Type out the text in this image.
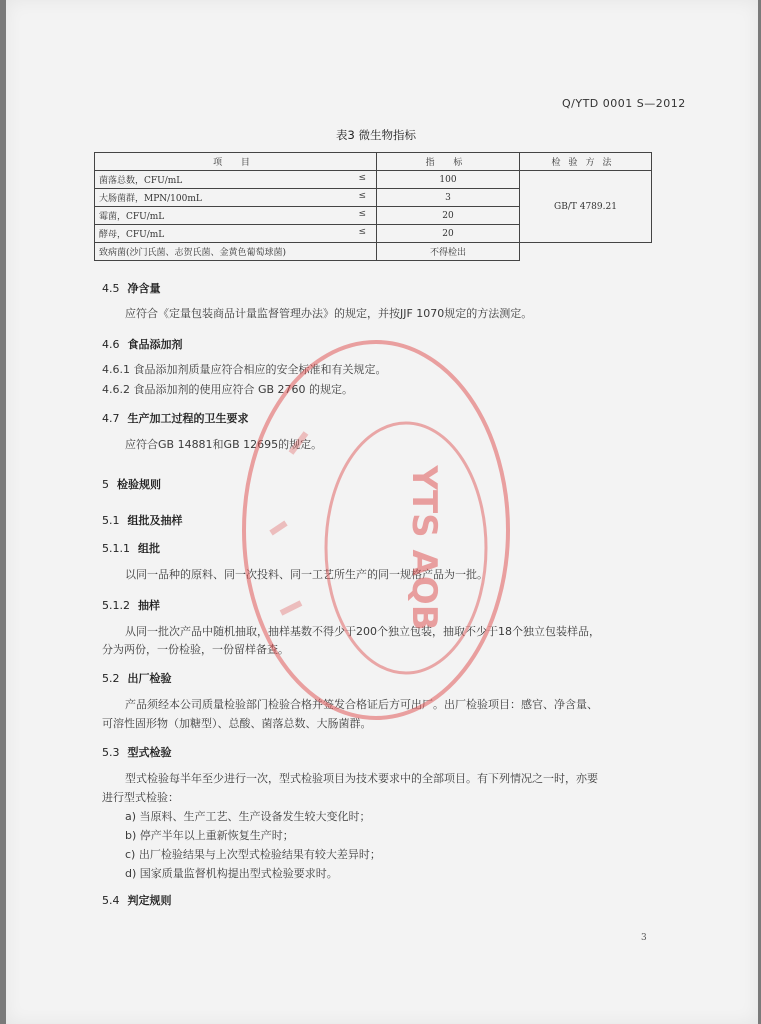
Q/YTD 0001 S—2012
表3 微生物指标
项 目	指 标	检验方法
菌落总数，CFU/mL ≤	100	GB/T 4789.21
大肠菌群，MPN/100mL ≤	3	
霉菌，CFU/mL ≤	20	
酵母，CFU/mL ≤	20	
致病菌(沙门氏菌、志贺氏菌、金黄色葡萄球菌)	不得检出	
4.5 净含量
应符合《定量包装商品计量监督管理办法》的规定，并按JJF 1070规定的方法测定。
4.6 食品添加剂
4.6.1 食品添加剂质量应符合相应的安全标准和有关规定。
4.6.2 食品添加剂的使用应符合 GB 2760 的规定。
4.7 生产加工过程的卫生要求
应符合GB 14881和GB 12695的规定。
5 检验规则
5.1 组批及抽样
5.1.1 组批
以同一品种的原料、同一次投料、同一工艺所生产的同一规格产品为一批。
5.1.2 抽样
从同一批次产品中随机抽取，抽样基数不得少于200个独立包装，抽取不少于18个独立包装样品，
分为两份，一份检验，一份留样备查。
5.2 出厂检验
产品须经本公司质量检验部门检验合格并签发合格证后方可出厂。出厂检验项目：感官、净含量、
可溶性固形物（加糖型）、总酸、菌落总数、大肠菌群。
5.3 型式检验
型式检验每半年至少进行一次，型式检验项目为技术要求中的全部项目。有下列情况之一时，亦要
进行型式检验：
a) 当原料、生产工艺、生产设备发生较大变化时；
b) 停产半年以上重新恢复生产时；
c) 出厂检验结果与上次型式检验结果有较大差异时；
d) 国家质量监督机构提出型式检验要求时。
5.4 判定规则
3
YTS AQB
